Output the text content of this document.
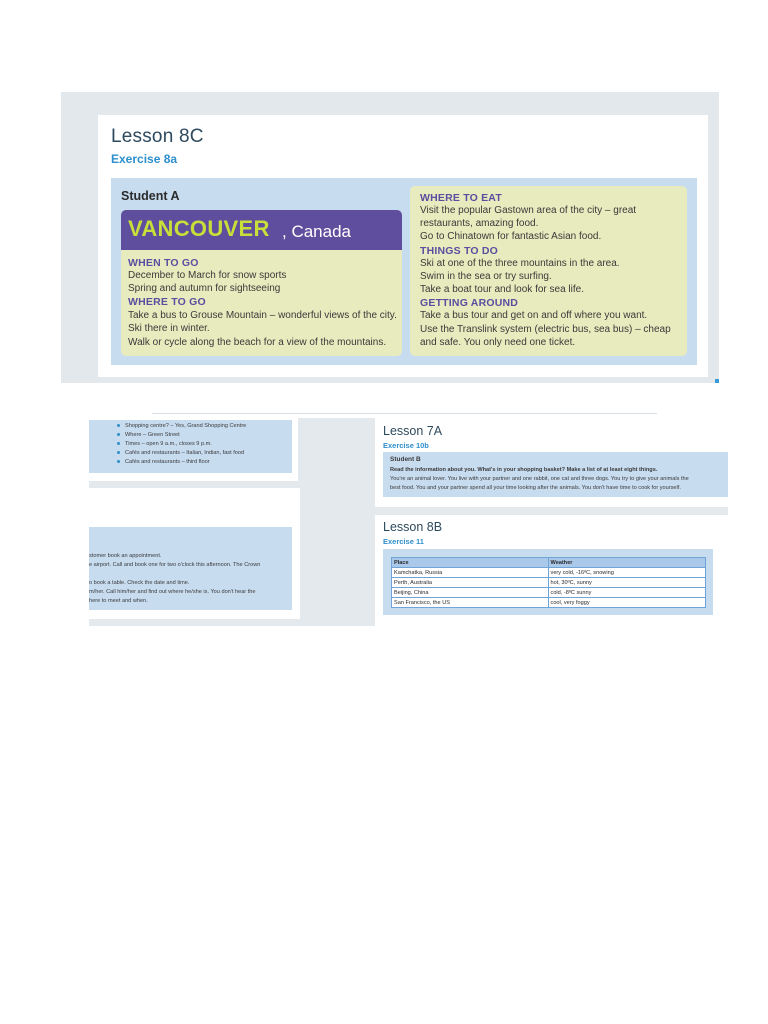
Lesson 8C
Exercise 8a
Student A
VANCOUVER , Canada
WHEN TO GO
December to March for snow sports
Spring and autumn for sightseeing
WHERE TO GO
Take a bus to Grouse Mountain – wonderful views of the city.
Ski there in winter.
Walk or cycle along the beach for a view of the mountains.
WHERE TO EAT
Visit the popular Gastown area of the city – great
restaurants, amazing food.
Go to Chinatown for fantastic Asian food.
THINGS TO DO
Ski at one of the three mountains in the area.
Swim in the sea or try surfing.
Take a boat tour and look for sea life.
GETTING AROUND
Take a bus tour and get on and off where you want.
Use the Translink system (electric bus, sea bus) – cheap
and safe. You only need one ticket.
Shopping centre? – Yes, Grand Shopping Centre
Where – Green Street
Times – open 9 a.m., closes 9 p.m.
Cafés and restaurants – Italian, Indian, fast food
Cafés and restaurants – third floor
stomer book an appointment.
e airport. Call and book one for two o'clock this afternoon. The Crown
o book a table. Check the date and time.
m/her. Call him/her and find out where he/she is. You don't hear the
here to meet and when.
Lesson 7A
Exercise 10b
Student B
Read the information about you. What's in your shopping basket? Make a list of at least eight things.
You're an animal lover. You live with your partner and one rabbit, one cat and three dogs. You try to give your animals the
best food. You and your partner spend all your time looking after the animals. You don't have time to cook for yourself.
Lesson 8B
Exercise 11
Place	Weather
Kamchatka, Russia	very cold, -16ºC, snowing
Perth, Australia	hot, 30ºC, sunny
Beijing, China	cold, -8ºC sunny
San Francisco, the US	cool, very foggy
